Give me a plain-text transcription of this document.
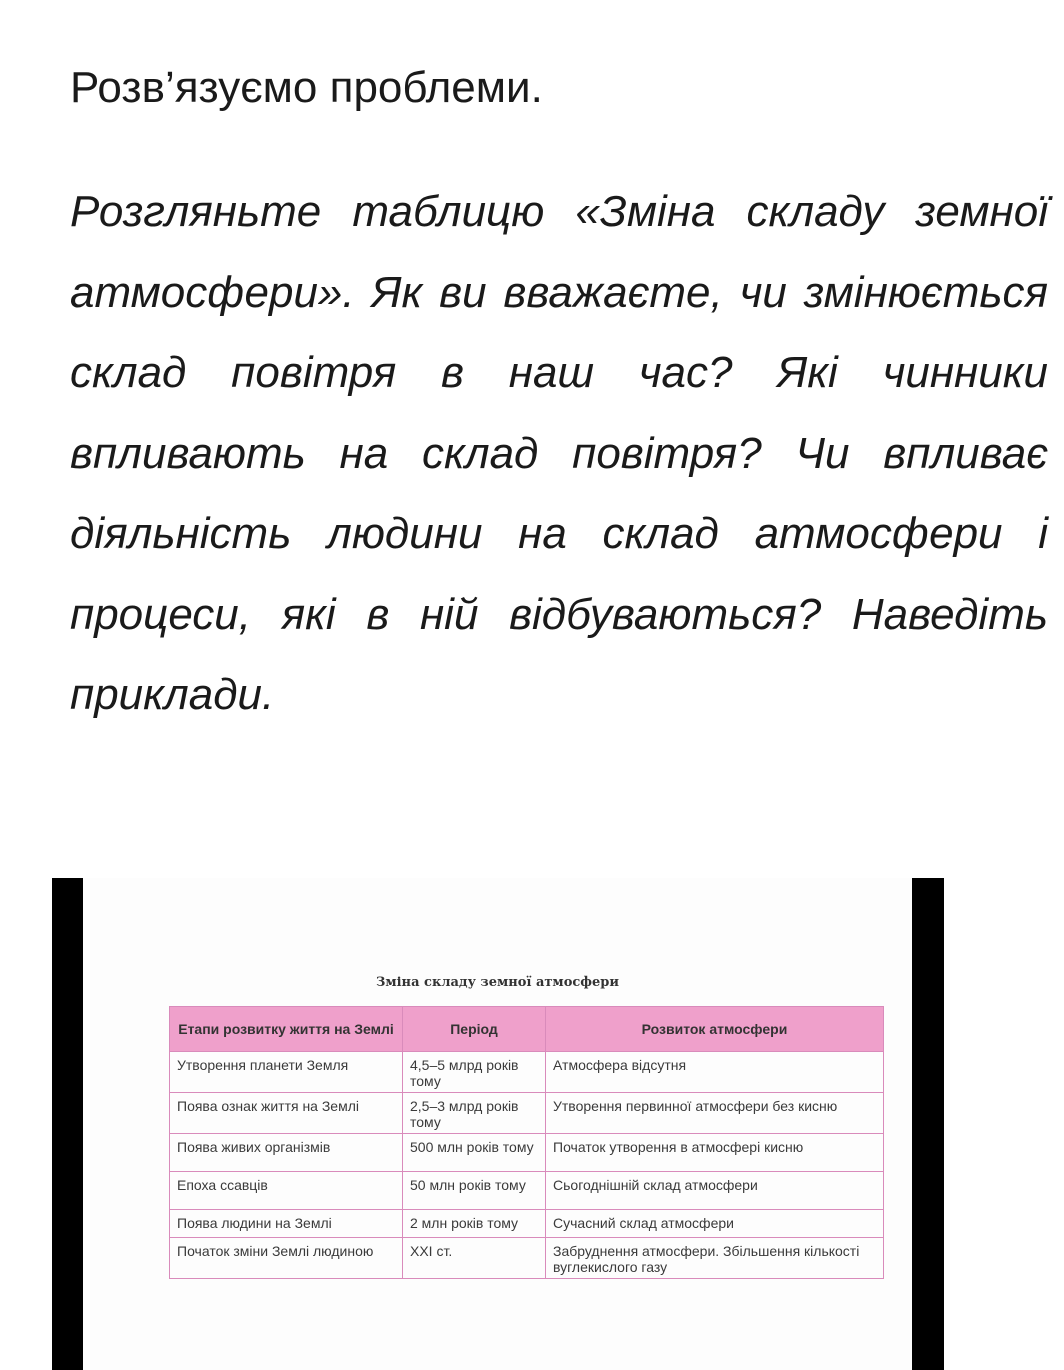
Розв’язуємо проблеми.

Розгляньте таблицю «Зміна складу земної атмосфери». Як ви вважаєте, чи змінюється склад повітря в наш час? Які чинники впливають на склад повітря? Чи впливає діяльність людини на склад атмосфери і процеси, які в ній відбуваються? Наведіть приклади.

Зміна складу земної атмосфери
Етапи розвитку життя на Землі	Період	Розвиток атмосфери
Утворення планети Земля	4,5–5 млрд років тому	Атмосфера відсутня
Поява ознак життя на Землі	2,5–3 млрд років тому	Утворення первинної атмосфери без кисню
Поява живих організмів	500 млн років тому	Початок утворення в атмосфері кисню
Епоха ссавців	50 млн років тому	Сьогоднішній склад атмосфери
Поява людини на Землі	2 млн років тому	Сучасний склад атмосфери
Початок зміни Землі людиною	XXI ст.	Забруднення атмосфери. Збільшення кількості вуглекислого газу
